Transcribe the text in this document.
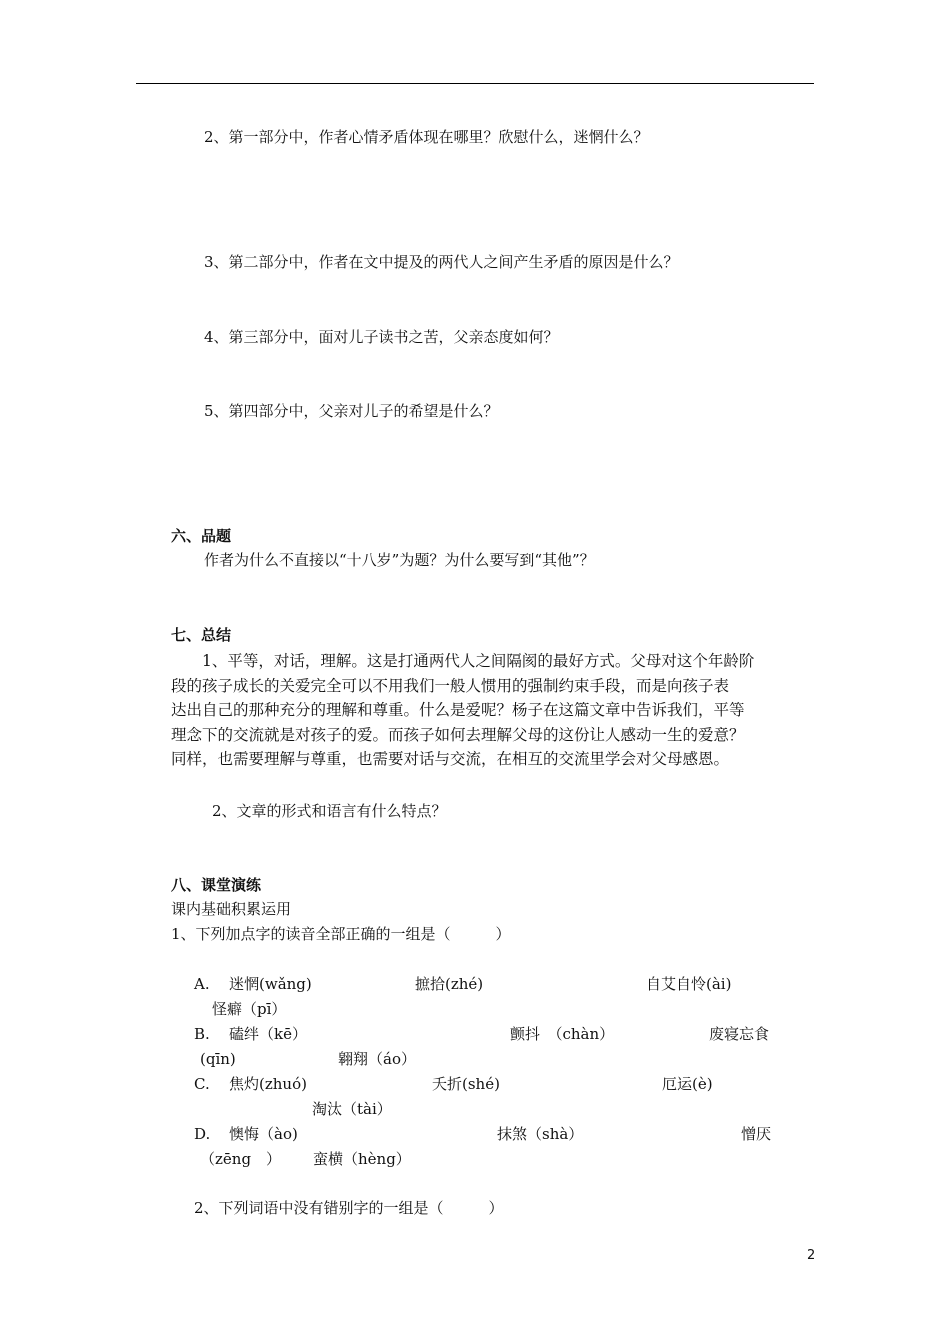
2、第一部分中，作者心情矛盾体现在哪里？欣慰什么，迷惘什么？
3、第二部分中，作者在文中提及的两代人之间产生矛盾的原因是什么？
4、第三部分中，面对儿子读书之苦，父亲态度如何？
5、第四部分中，父亲对儿子的希望是什么？
六、品题
作者为什么不直接以“十八岁”为题？为什么要写到“其他”？
七、总结
　　1、平等，对话，理解。这是打通两代人之间隔阂的最好方式。父母对这个年龄阶
段的孩子成长的关爱完全可以不用我们一般人惯用的强制约束手段，而是向孩子表
达出自己的那种充分的理解和尊重。什么是爱呢？杨子在这篇文章中告诉我们，平等
理念下的交流就是对孩子的爱。而孩子如何去理解父母的这份让人感动一生的爱意？
同样，也需要理解与尊重，也需要对话与交流，在相互的交流里学会对父母感恩。
2、文章的形式和语言有什么特点？
八、课堂演练
课内基础积累运用
1、下列加点字的读音全部正确的一组是（　　　）
A. 迷惘(wǎng)	摭拾(zhé)	自艾自怜(ài)
怪癖（pī）
B. 磕绊（kē）	颤抖　（chàn）	废寝忘食
(qīn)	翱翔（áo）
C. 焦灼(zhuó)	夭折(shé)	厄运(è)
淘汰（tài）
D. 懊悔（ào)	抹煞（shà）	憎厌
（zēng　） 蛮横（hèng）
2、下列词语中没有错别字的一组是（　　　）
2
